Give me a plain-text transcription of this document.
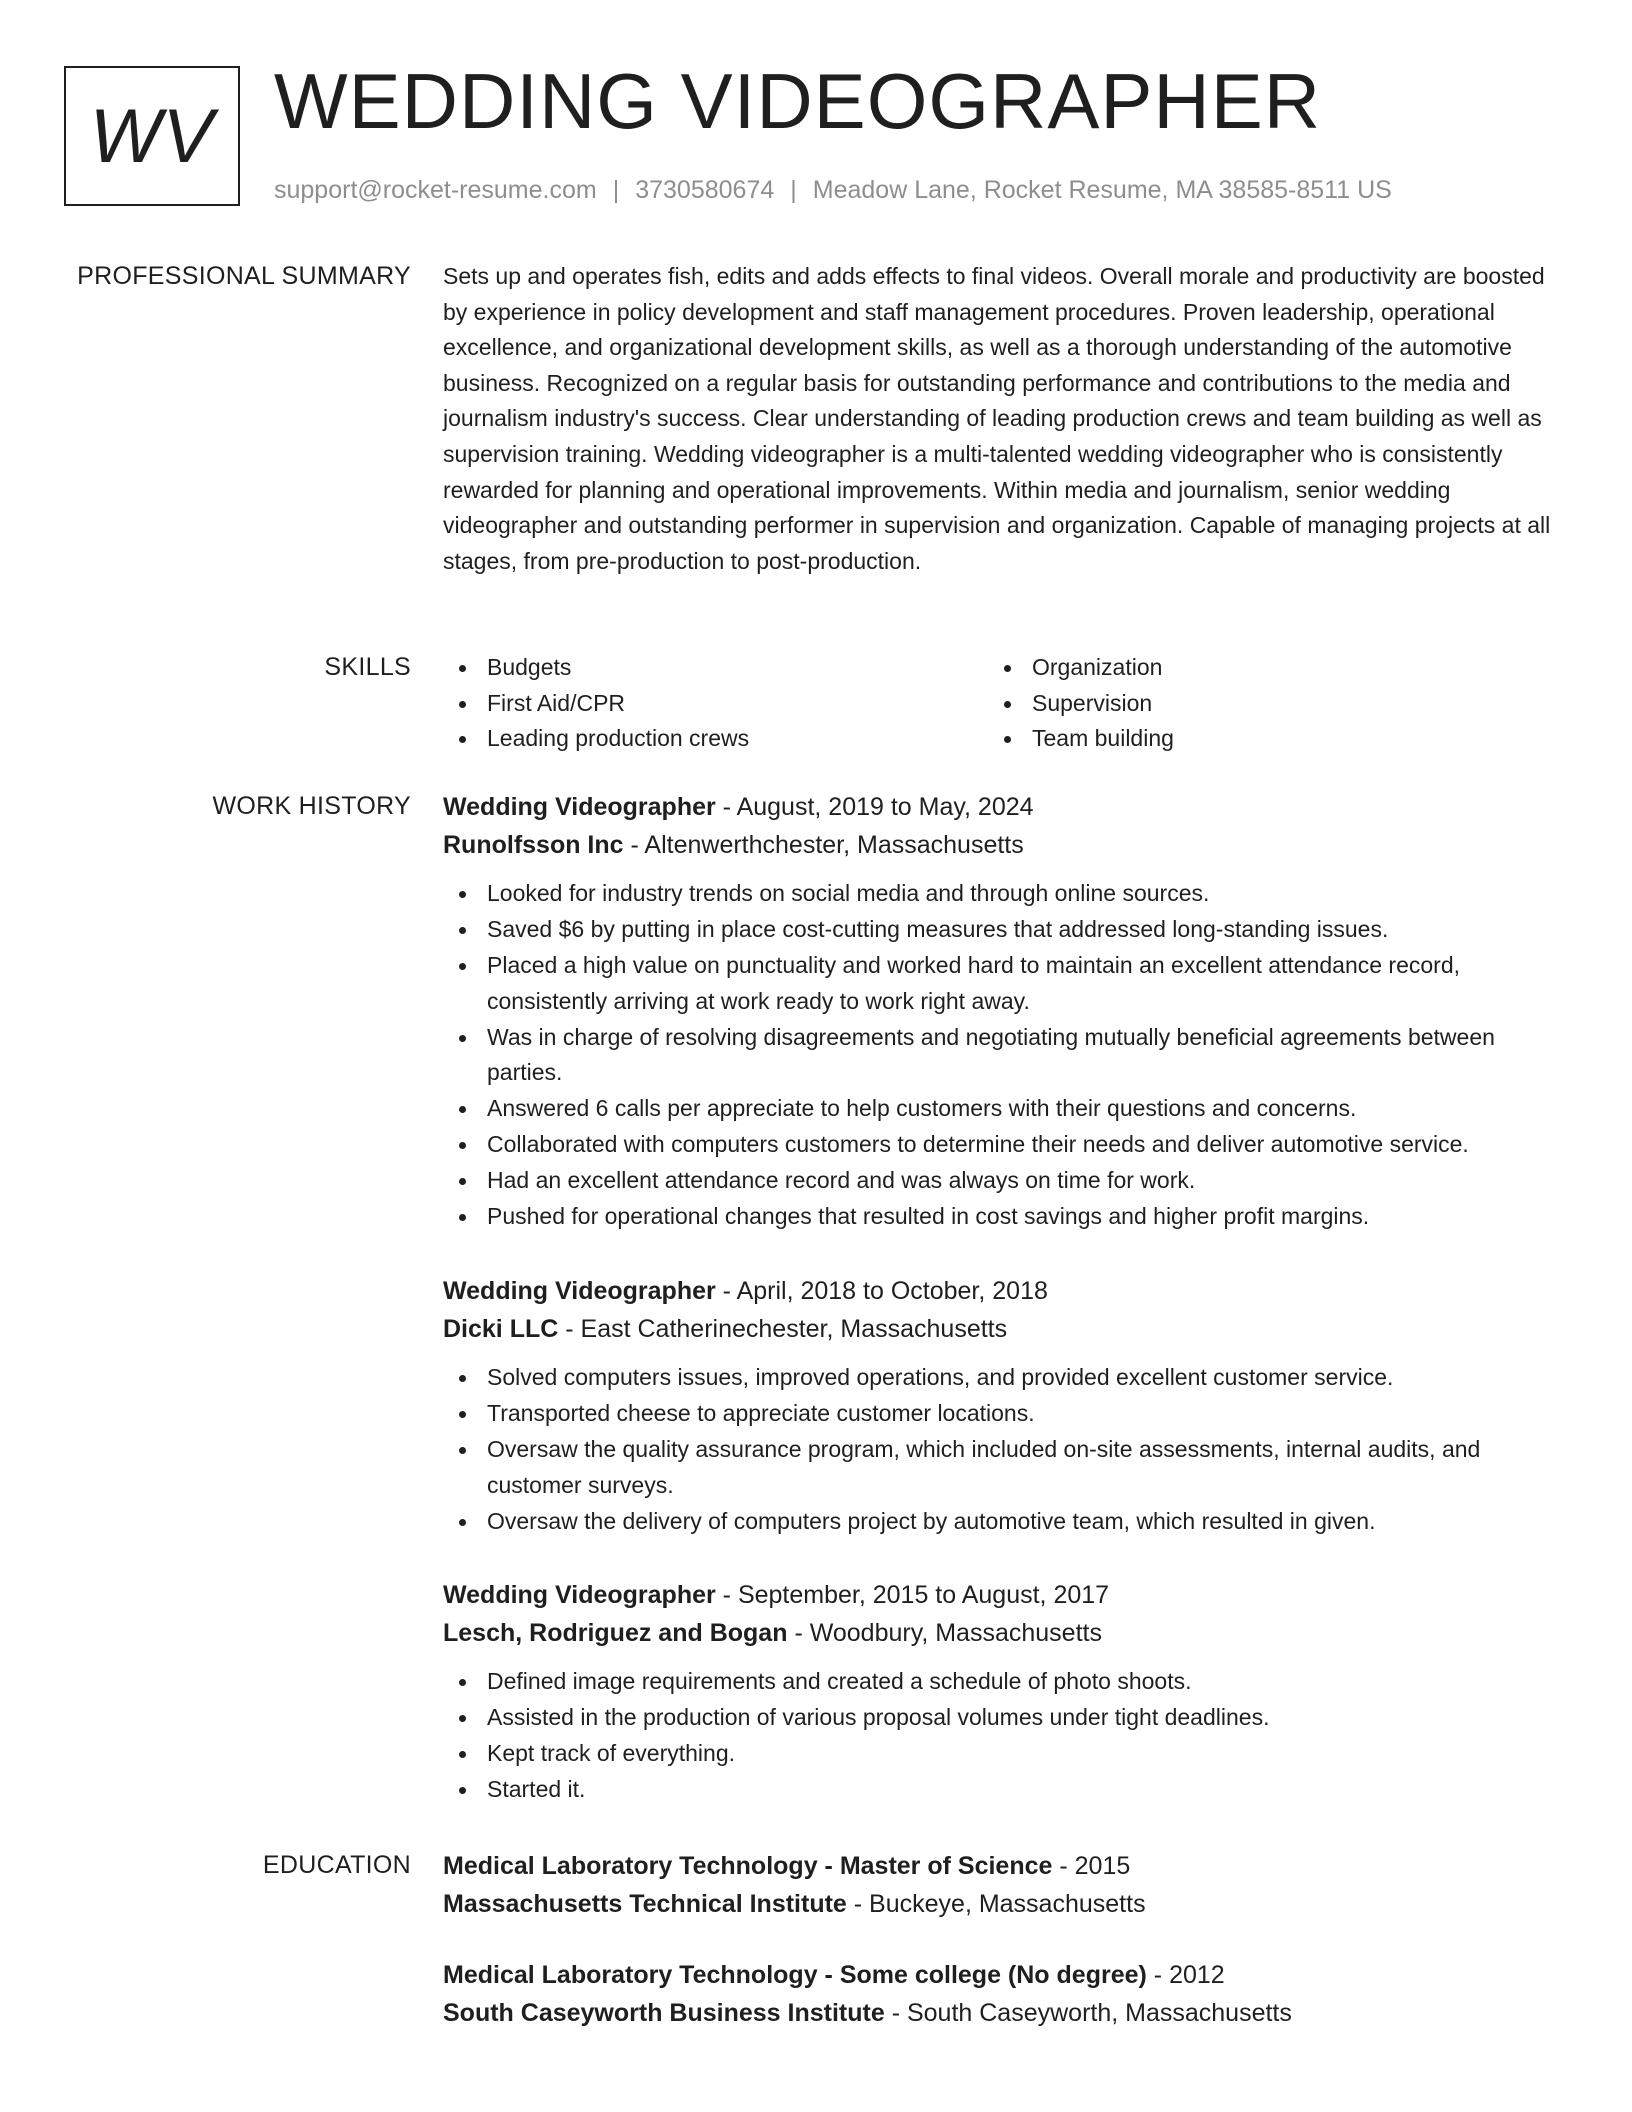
WV WEDDING VIDEOGRAPHER
support@rocket-resume.com | 3730580674 | Meadow Lane, Rocket Resume, MA 38585-8511 US
PROFESSIONAL SUMMARY Sets up and operates fish, edits and adds effects to final videos. Overall morale and productivity are boosted by experience in policy development and staff management procedures. Proven leadership, operational excellence, and organizational development skills, as well as a thorough understanding of the automotive business. Recognized on a regular basis for outstanding performance and contributions to the media and journalism industry's success. Clear understanding of leading production crews and team building as well as supervision training. Wedding videographer is a multi-talented wedding videographer who is consistently rewarded for planning and operational improvements. Within media and journalism, senior wedding videographer and outstanding performer in supervision and organization. Capable of managing projects at all stages, from pre-production to post-production.

SKILLS	Budgets
First Aid/CPR
Leading production crews
Organization
Supervision
Team building
WORK HISTORY Wedding Videographer - August, 2019 to May, 2024
Runolfsson Inc - Altenwerthchester, Massachusetts
Looked for industry trends on social media and through online sources.
Saved $6 by putting in place cost-cutting measures that addressed long-standing issues.
Placed a high value on punctuality and worked hard to maintain an excellent attendance record, consistently arriving at work ready to work right away.
Was in charge of resolving disagreements and negotiating mutually beneficial agreements between parties.
Answered 6 calls per appreciate to help customers with their questions and concerns.
Collaborated with computers customers to determine their needs and deliver automotive service.
Had an excellent attendance record and was always on time for work.
Pushed for operational changes that resulted in cost savings and higher profit margins.
Wedding Videographer - April, 2018 to October, 2018
Dicki LLC - East Catherinechester, Massachusetts
Solved computers issues, improved operations, and provided excellent customer service.
Transported cheese to appreciate customer locations.
Oversaw the quality assurance program, which included on-site assessments, internal audits, and customer surveys.
Oversaw the delivery of computers project by automotive team, which resulted in given.
Wedding Videographer - September, 2015 to August, 2017
Lesch, Rodriguez and Bogan - Woodbury, Massachusetts
Defined image requirements and created a schedule of photo shoots.
Assisted in the production of various proposal volumes under tight deadlines.
Kept track of everything.
Started it.
EDUCATION Medical Laboratory Technology - Master of Science - 2015
Massachusetts Technical Institute - Buckeye, Massachusetts
Medical Laboratory Technology - Some college (No degree) - 2012
South Caseyworth Business Institute - South Caseyworth, Massachusetts
